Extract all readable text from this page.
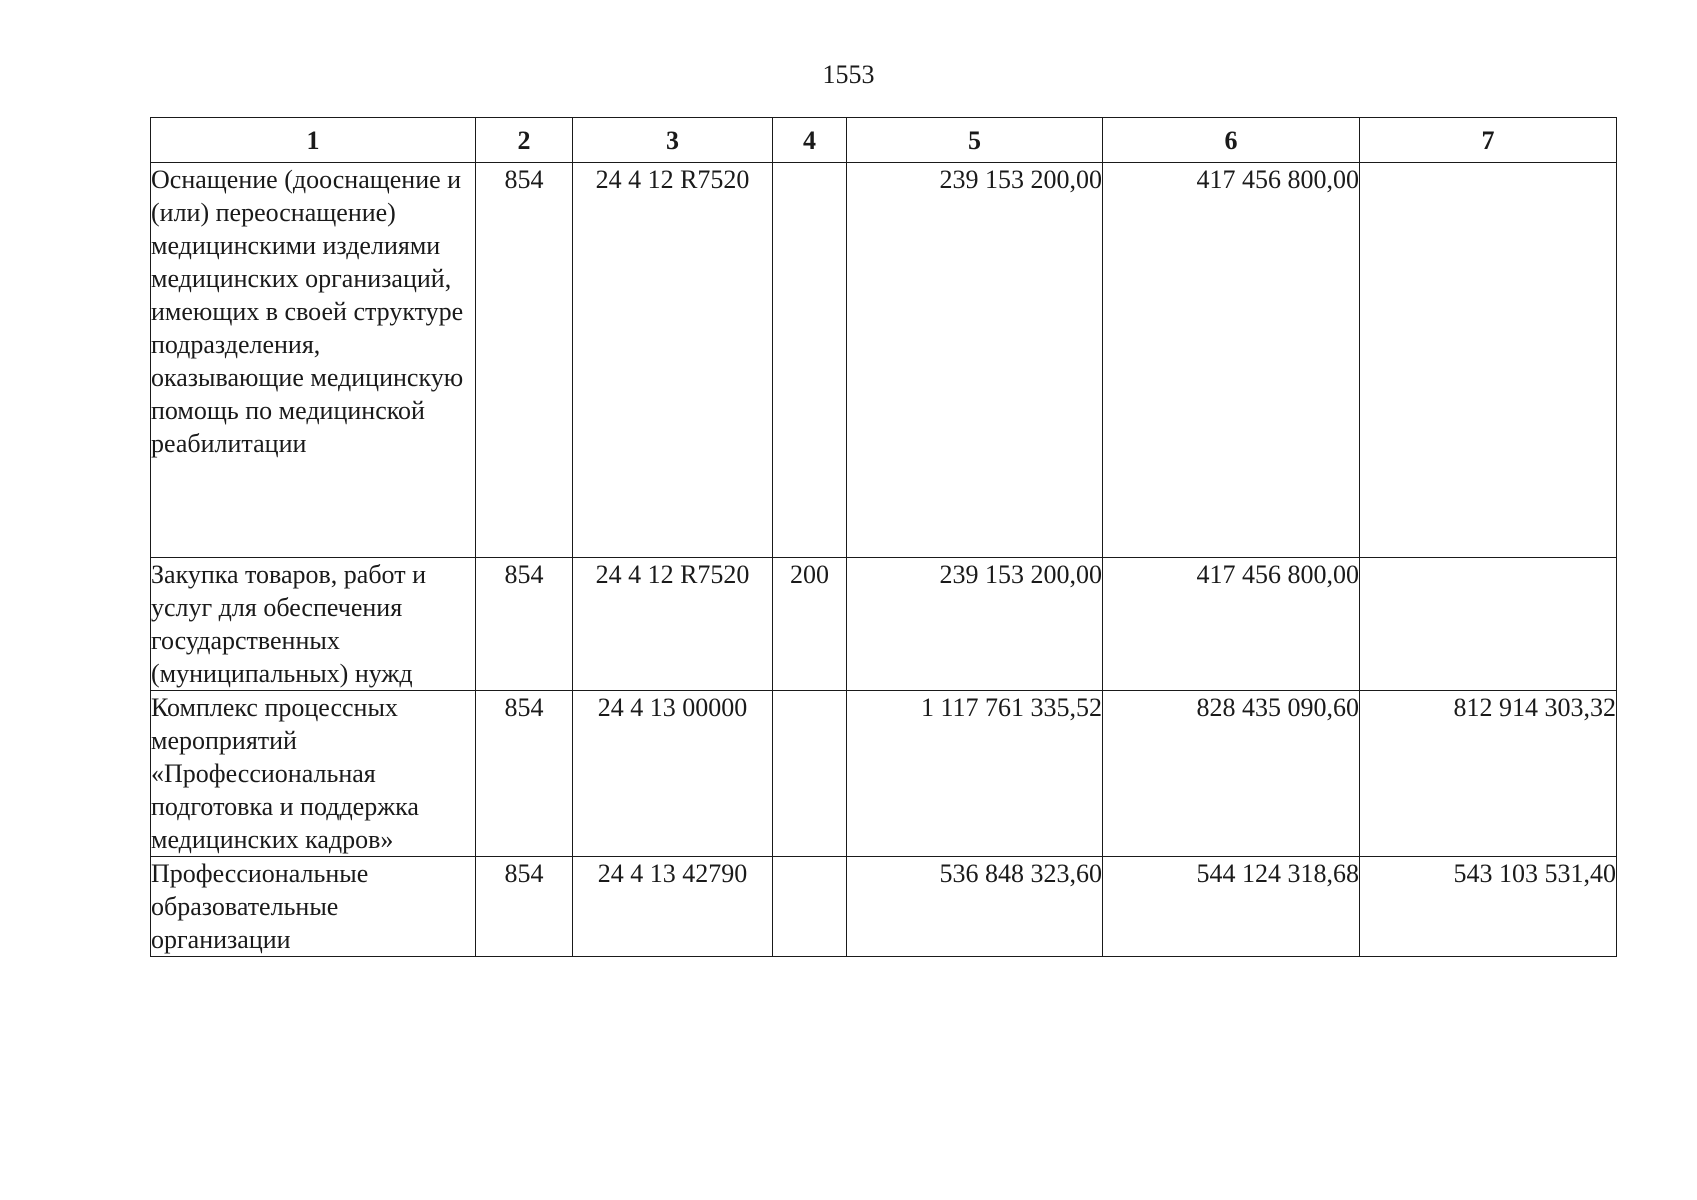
1553
1	2	3	4	5	6	7
Оснащение (дооснащение и (или) переоснащение) медицинскими изделиями медицинских организаций, имеющих в своей структуре подразделения, оказывающие медицинскую помощь по медицинской реабилитации	854	24 4 12 R7520		239 153 200,00	417 456 800,00	
Закупка товаров, работ и услуг для обеспечения государственных (муниципальных) нужд	854	24 4 12 R7520	200	239 153 200,00	417 456 800,00	
Комплекс процессных мероприятий «Профессиональная подготовка и поддержка медицинских кадров»	854	24 4 13 00000		1 117 761 335,52	828 435 090,60	812 914 303,32
Профессиональные образовательные организации	854	24 4 13 42790		536 848 323,60	544 124 318,68	543 103 531,40
